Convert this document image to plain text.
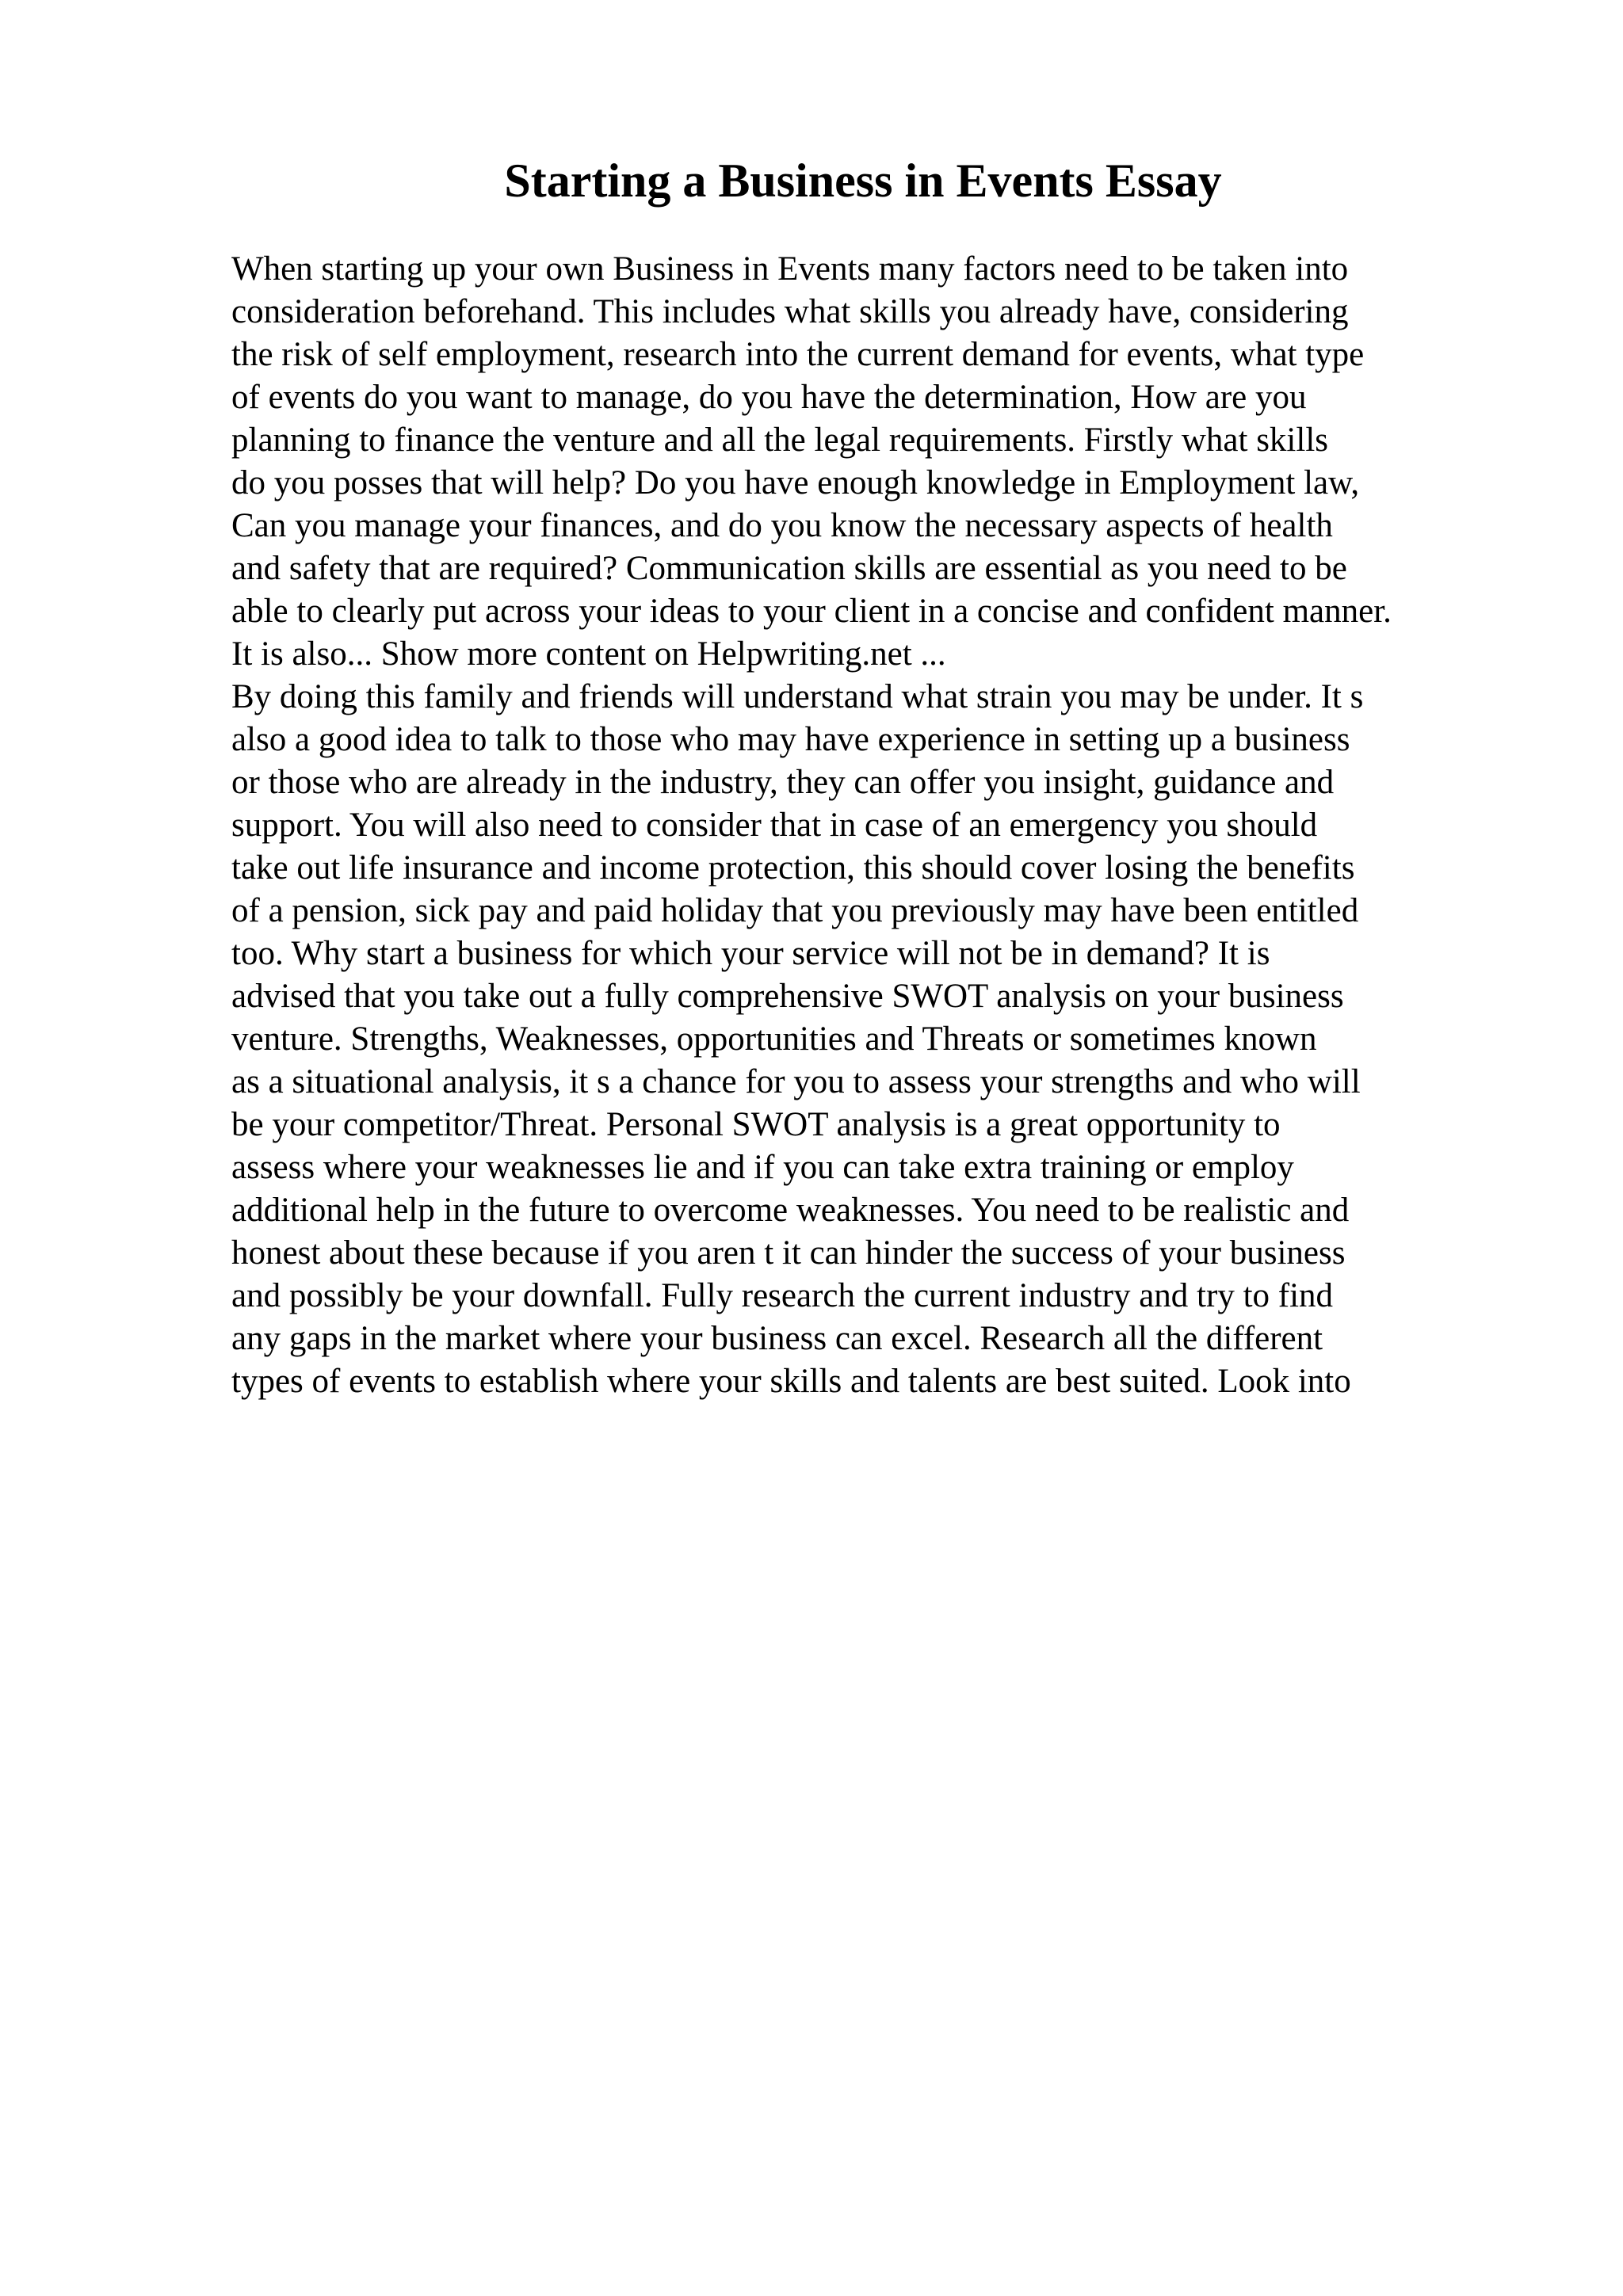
Starting a Business in Events Essay
When starting up your own Business in Events many factors need to be taken into
consideration beforehand. This includes what skills you already have, considering
the risk of self employment, research into the current demand for events, what type
of events do you want to manage, do you have the determination, How are you
planning to finance the venture and all the legal requirements. Firstly what skills
do you posses that will help? Do you have enough knowledge in Employment law,
Can you manage your finances, and do you know the necessary aspects of health
and safety that are required? Communication skills are essential as you need to be
able to clearly put across your ideas to your client in a concise and confident manner.
It is also... Show more content on Helpwriting.net ...
By doing this family and friends will understand what strain you may be under. It s
also a good idea to talk to those who may have experience in setting up a business
or those who are already in the industry, they can offer you insight, guidance and
support. You will also need to consider that in case of an emergency you should
take out life insurance and income protection, this should cover losing the benefits
of a pension, sick pay and paid holiday that you previously may have been entitled
too. Why start a business for which your service will not be in demand? It is
advised that you take out a fully comprehensive SWOT analysis on your business
venture. Strengths, Weaknesses, opportunities and Threats or sometimes known
as a situational analysis, it s a chance for you to assess your strengths and who will
be your competitor/Threat. Personal SWOT analysis is a great opportunity to
assess where your weaknesses lie and if you can take extra training or employ
additional help in the future to overcome weaknesses. You need to be realistic and
honest about these because if you aren t it can hinder the success of your business
and possibly be your downfall. Fully research the current industry and try to find
any gaps in the market where your business can excel. Research all the different
types of events to establish where your skills and talents are best suited. Look into
